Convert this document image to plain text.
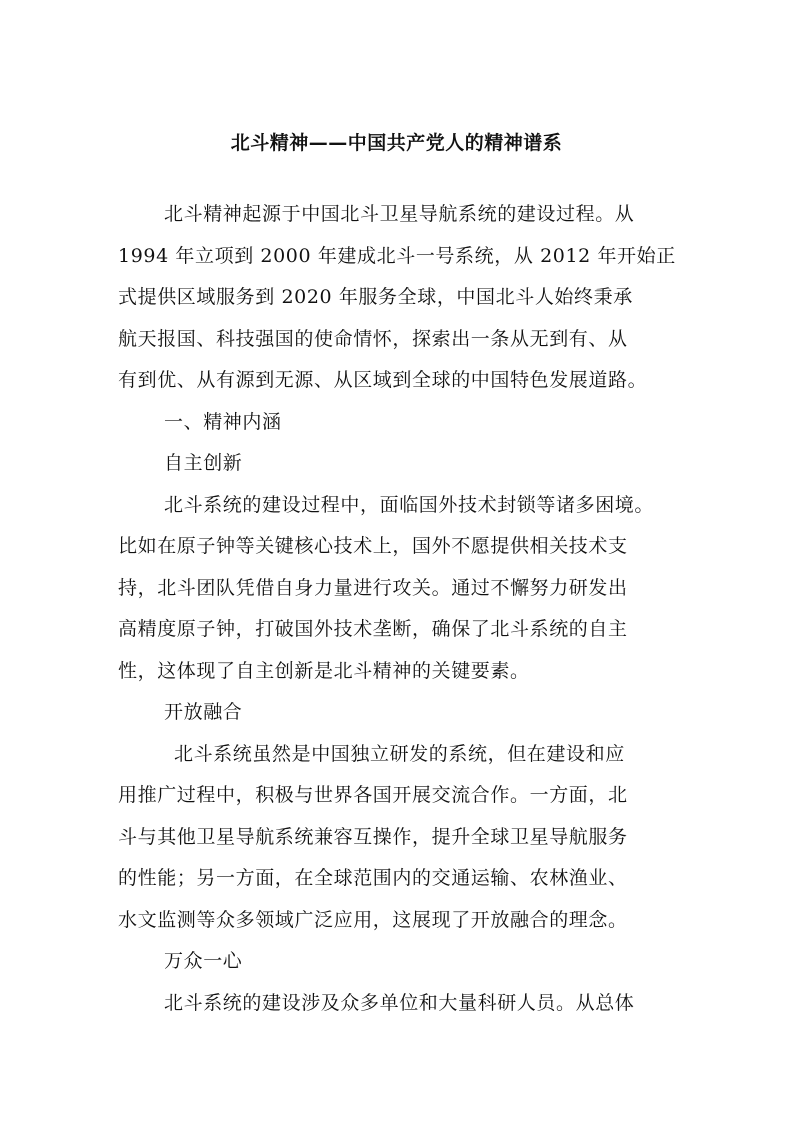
北斗精神——中国共产党人的精神谱系
北斗精神起源于中国北斗卫星导航系统的建设过程。从
1994 年立项到 2000 年建成北斗一号系统，从 2012 年开始正
式提供区域服务到 2020 年服务全球，中国北斗人始终秉承
航天报国、科技强国的使命情怀，探索出一条从无到有、从
有到优、从有源到无源、从区域到全球的中国特色发展道路。
一、精神内涵
自主创新
北斗系统的建设过程中，面临国外技术封锁等诸多困境。
比如在原子钟等关键核心技术上，国外不愿提供相关技术支
持，北斗团队凭借自身力量进行攻关。通过不懈努力研发出
高精度原子钟，打破国外技术垄断，确保了北斗系统的自主
性，这体现了自主创新是北斗精神的关键要素。
开放融合
北斗系统虽然是中国独立研发的系统，但在建设和应
用推广过程中，积极与世界各国开展交流合作。一方面，北
斗与其他卫星导航系统兼容互操作，提升全球卫星导航服务
的性能；另一方面，在全球范围内的交通运输、农林渔业、
水文监测等众多领域广泛应用，这展现了开放融合的理念。
万众一心
北斗系统的建设涉及众多单位和大量科研人员。从总体
